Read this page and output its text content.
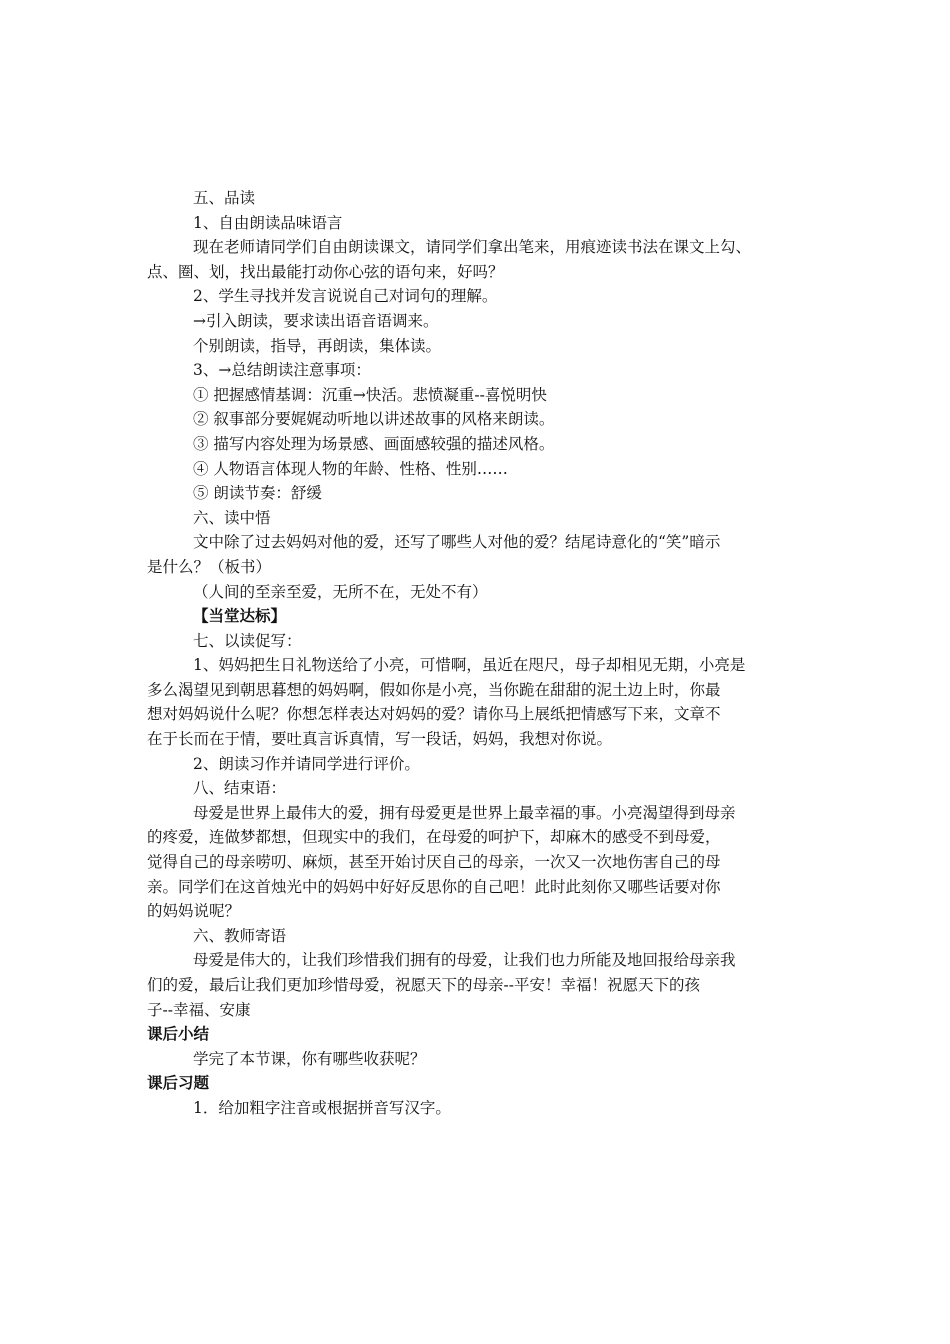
五、品读

1、自由朗读品味语言

现在老师请同学们自由朗读课文，请同学们拿出笔来，用痕迹读书法在课文上勾、

点、圈、划，找出最能打动你心弦的语句来，好吗？

2、学生寻找并发言说说自己对词句的理解。

→引入朗读，要求读出语音语调来。

个别朗读，指导，再朗读，集体读。

3、→总结朗读注意事项：

① 把握感情基调：沉重→快活。悲愤凝重--喜悦明快

② 叙事部分要娓娓动听地以讲述故事的风格来朗读。

③ 描写内容处理为场景感、画面感较强的描述风格。

④ 人物语言体现人物的年龄、性格、性别……

⑤ 朗读节奏：舒缓

六、读中悟

文中除了过去妈妈对他的爱，还写了哪些人对他的爱？结尾诗意化的“笑”暗示

是什么？（板书）

（人间的至亲至爱，无所不在，无处不有）

【当堂达标】

七、以读促写：

1、妈妈把生日礼物送给了小亮，可惜啊，虽近在咫尺，母子却相见无期，小亮是

多么渴望见到朝思暮想的妈妈啊，假如你是小亮，当你跪在甜甜的泥土边上时，你最

想对妈妈说什么呢？你想怎样表达对妈妈的爱？请你马上展纸把情感写下来，文章不

在于长而在于情，要吐真言诉真情，写一段话，妈妈，我想对你说。

2、朗读习作并请同学进行评价。

八、结束语：

母爱是世界上最伟大的爱，拥有母爱更是世界上最幸福的事。小亮渴望得到母亲

的疼爱，连做梦都想，但现实中的我们，在母爱的呵护下，却麻木的感受不到母爱，

觉得自己的母亲唠叨、麻烦，甚至开始讨厌自己的母亲，一次又一次地伤害自己的母

亲。同学们在这首烛光中的妈妈中好好反思你的自己吧！此时此刻你又哪些话要对你

的妈妈说呢？

六、教师寄语

母爱是伟大的，让我们珍惜我们拥有的母爱，让我们也力所能及地回报给母亲我

们的爱，最后让我们更加珍惜母爱，祝愿天下的母亲--平安！幸福！祝愿天下的孩

子--幸福、安康

课后小结

学完了本节课，你有哪些收获呢？

课后习题

1．给加粗字注音或根据拼音写汉字。
